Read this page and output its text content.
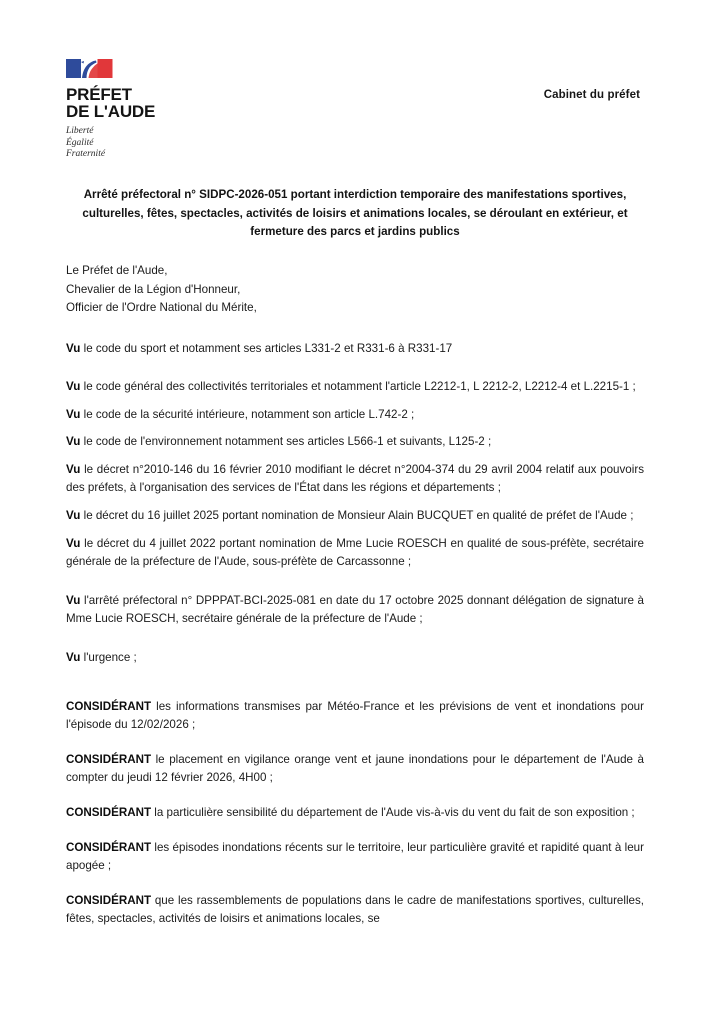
PRÉFET
DE L'AUDE
Liberté
Égalité
Fraternité
Cabinet du préfet
Arrêté préfectoral n° SIDPC-2026-051 portant interdiction temporaire des manifestations sportives, culturelles, fêtes, spectacles, activités de loisirs et animations locales, se déroulant en extérieur, et fermeture des parcs et jardins publics
Le Préfet de l'Aude,
Chevalier de la Légion d'Honneur,
Officier de l'Ordre National du Mérite,

Vu le code du sport et notamment ses articles L331-2 et R331-6 à R331-17

Vu le code général des collectivités territoriales et notamment l'article L2212-1, L 2212-2, L2212-4 et L.2215-1 ;

Vu le code de la sécurité intérieure, notamment son article L.742-2 ;

Vu le code de l'environnement notamment ses articles L566-1 et suivants, L125-2 ;

Vu le décret n°2010-146 du 16 février 2010 modifiant le décret n°2004-374 du 29 avril 2004 relatif aux pouvoirs des préfets, à l'organisation des services de l'État dans les régions et départements ;

Vu le décret du 16 juillet 2025 portant nomination de Monsieur Alain BUCQUET en qualité de préfet de l'Aude ;

Vu le décret du 4 juillet 2022 portant nomination de Mme Lucie ROESCH en qualité de sous-préfète, secrétaire générale de la préfecture de l'Aude, sous-préfète de Carcassonne ;

Vu l'arrêté préfectoral n° DPPPAT-BCI-2025-081 en date du 17 octobre 2025 donnant délégation de signature à Mme Lucie ROESCH, secrétaire générale de la préfecture de l'Aude ;

Vu l'urgence ;

CONSIDÉRANT les informations transmises par Météo-France et les prévisions de vent et inondations pour l'épisode du 12/02/2026 ;

CONSIDÉRANT le placement en vigilance orange vent et jaune inondations pour le département de l'Aude à compter du jeudi 12 février 2026, 4H00 ;

CONSIDÉRANT la particulière sensibilité du département de l'Aude vis-à-vis du vent du fait de son exposition ;

CONSIDÉRANT les épisodes inondations récents sur le territoire, leur particulière gravité et rapidité quant à leur apogée ;

CONSIDÉRANT que les rassemblements de populations dans le cadre de manifestations sportives, culturelles, fêtes, spectacles, activités de loisirs et animations locales, se
